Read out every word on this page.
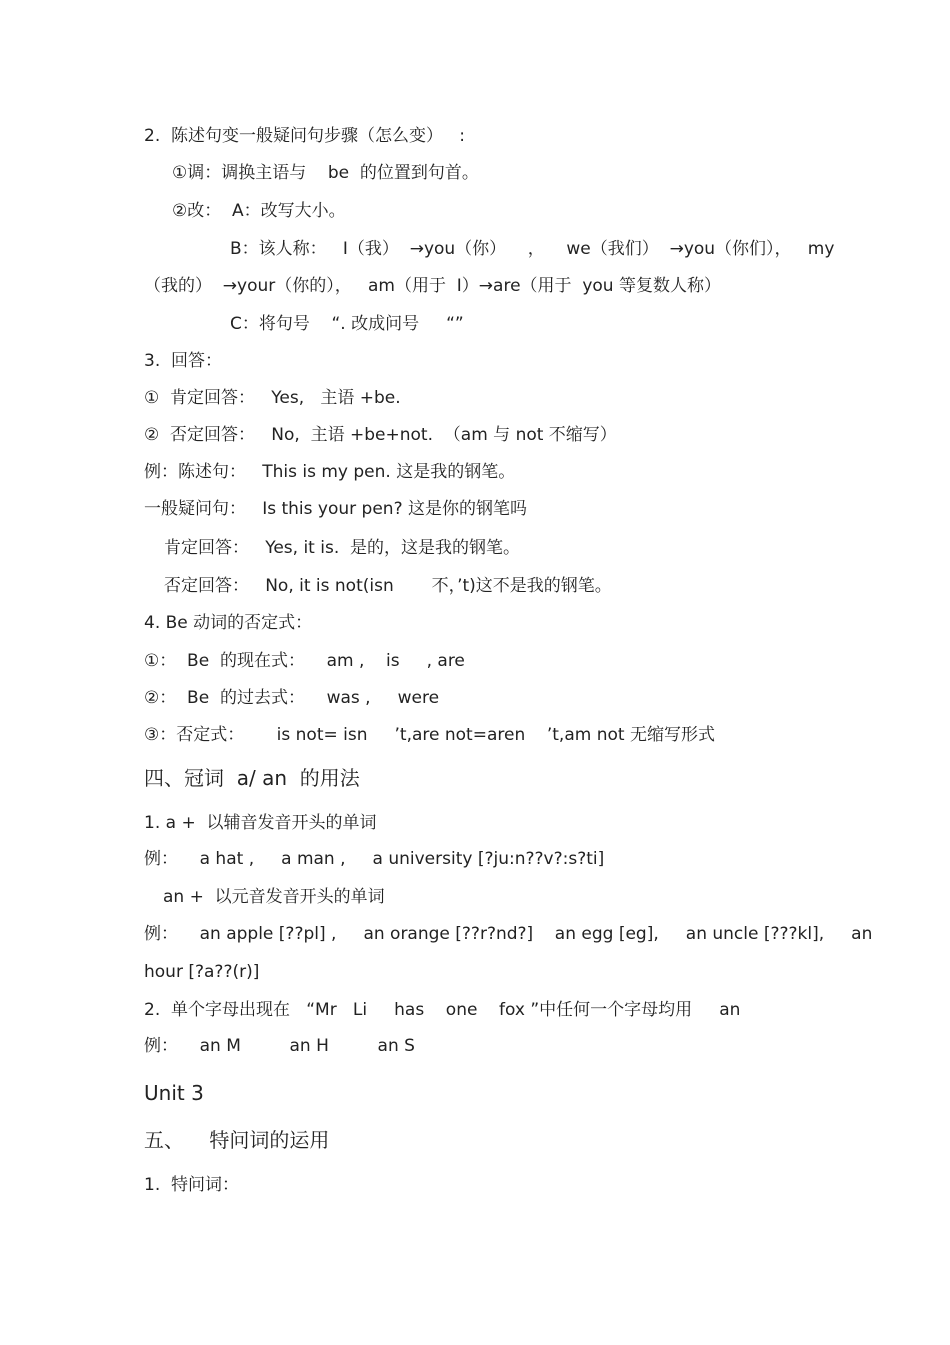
2.  陈述句变一般疑问句步骤（怎么变）   :
①调：调换主语与    be  的位置到句首。
②改：  A：改写大小。
B：该人称：   I（我）  →you（你）    ，    we（我们）  →you（你们），   my
（我的）  →your（你的），   am（用于  I）→are（用于  you 等复数人称）
C：将句号    “. 改成问号     “”
3.  回答：
①  肯定回答：   Yes,   主语 +be.
②  否定回答：   No,  主语 +be+not.  （am 与 not 不缩写）
例：陈述句：   This is my pen. 这是我的钢笔。
一般疑问句：   Is this your pen? 这是你的钢笔吗
肯定回答：   Yes, it is.  是的，这是我的钢笔。
否定回答：   No, it is not(isn       不，’t)这不是我的钢笔。
4. Be 动词的否定式：
①：  Be  的现在式：    am ,    is     , are
②：  Be  的过去式：    was ,     were
③：否定式：      is not= isn     ’t,are not=aren    ’t,am not 无缩写形式
四、冠词  a/ an  的用法
1. a +  以辅音发音开头的单词
例：    a hat ,     a man ,     a university [?ju:n??v?:s?ti]
an +  以元音发音开头的单词
例：    an apple [??pl] ,     an orange [??r?nd?]    an egg [eg],     an uncle [???kl],     an
hour [?a??(r)]
2.  单个字母出现在   “Mr   Li     has    one    fox ”中任何一个字母均用     an
例：    an M         an H         an S
Unit 3
五、    特问词的运用
1.  特问词：
